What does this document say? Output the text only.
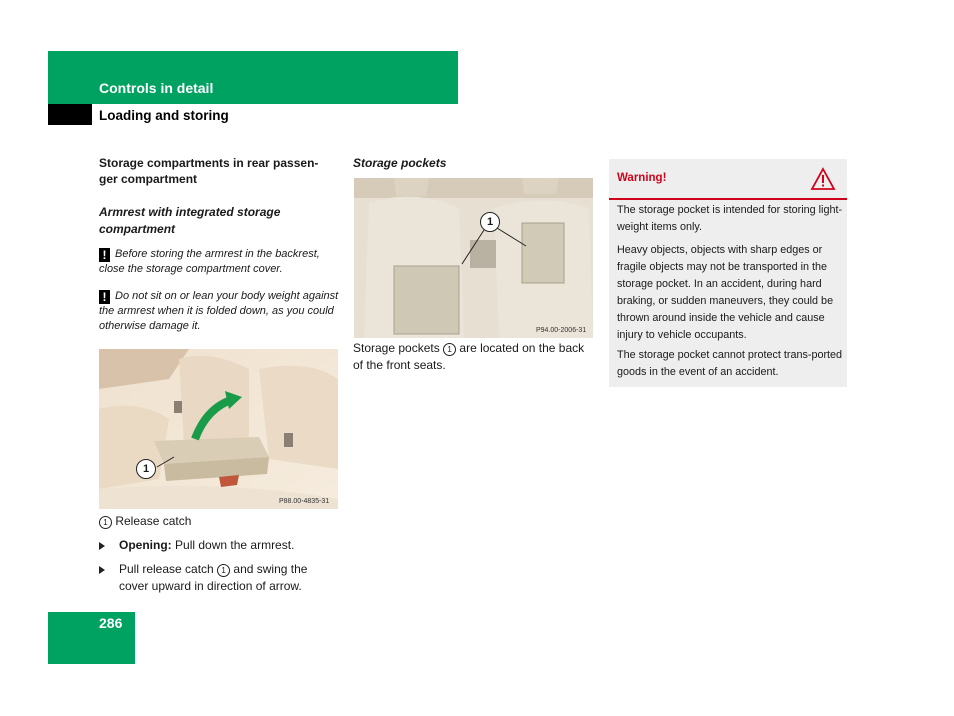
Controls in detail
Loading and storing

Storage compartments in rear passen-ger compartment

Armrest with integrated storage compartment

! Before storing the armrest in the backrest, close the storage compartment cover.

! Do not sit on or lean your body weight against the armrest when it is folded down, as you could otherwise damage it.

1
P88.00-4835-31

1 Release catch

Opening: Pull down the armrest.

Pull release catch 1 and swing the cover upward in direction of arrow.

Storage pockets

1
P94.00-2006-31

Storage pockets 1 are located on the back of the front seats.

Warning!

The storage pocket is intended for storing light-weight items only.

Heavy objects, objects with sharp edges or fragile objects may not be transported in the storage pocket. In an accident, during hard braking, or sudden maneuvers, they could be thrown around inside the vehicle and cause injury to vehicle occupants.

The storage pocket cannot protect trans-ported goods in the event of an accident.

286
